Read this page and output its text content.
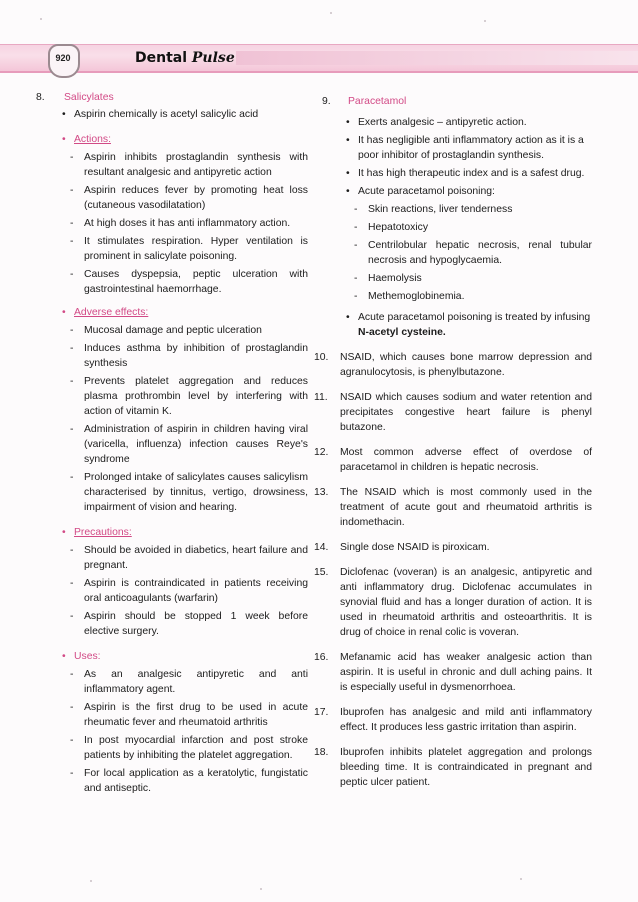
920	Dental Pulse
8.	Salicylates
• Aspirin chemically is acetyl salicylic acid
• Actions:
- Aspirin inhibits prostaglandin synthesis with resultant analgesic and antipyretic action
- Aspirin reduces fever by promoting heat loss (cutaneous vasodilatation)
- At high doses it has anti inflammatory action.
- It stimulates respiration. Hyper ventilation is prominent in salicylate poisoning.
- Causes dyspepsia, peptic ulceration with gastrointestinal haemorrhage.
• Adverse effects:
- Mucosal damage and peptic ulceration
- Induces asthma by inhibition of prostaglandin synthesis
- Prevents platelet aggregation and reduces plasma prothrombin level by interfering with action of vitamin K.
- Administration of aspirin in children having viral (varicella, influenza) infection causes Reye's syndrome
- Prolonged intake of salicylates causes salicylism characterised by tinnitus, vertigo, drowsiness, impairment of vision and hearing.
• Precautions:
- Should be avoided in diabetics, heart failure and pregnant.
- Aspirin is contraindicated in patients receiving oral anticoagulants (warfarin)
- Aspirin should be stopped 1 week before elective surgery.
• Uses:
- As an analgesic antipyretic and anti inflammatory agent.
- Aspirin is the first drug to be used in acute rheumatic fever and rheumatoid arthritis
- In post myocardial infarction and post stroke patients by inhibiting the platelet aggregation.
- For local application as a keratolytic, fungistatic and antiseptic.
9.	Paracetamol
• Exerts analgesic – antipyretic action.
• It has negligible anti inflammatory action as it is a poor inhibitor of prostaglandin synthesis.
• It has high therapeutic index and is a safest drug.
• Acute paracetamol poisoning:
- Skin reactions, liver tenderness
- Hepatotoxicy
- Centrilobular hepatic necrosis, renal tubular necrosis and hypoglycaemia.
- Haemolysis
- Methemoglobinemia.
• Acute paracetamol poisoning is treated by infusing
N-acetyl cysteine.
10. NSAID, which causes bone marrow depression and agranulocytosis, is phenylbutazone.
11. NSAID which causes sodium and water retention and precipitates congestive heart failure is phenyl butazone.
12. Most common adverse effect of overdose of paracetamol in children is hepatic necrosis.
13. The NSAID which is most commonly used in the treatment of acute gout and rheumatoid arthritis is indomethacin.
14. Single dose NSAID is piroxicam.
15. Diclofenac (voveran) is an analgesic, antipyretic and anti inflammatory drug. Diclofenac accumulates in synovial fluid and has a longer duration of action. It is used in rheumatoid arthritis and osteoarthritis. It is drug of choice in renal colic is voveran.
16. Mefanamic acid has weaker analgesic action than aspirin. It is useful in chronic and dull aching pains. It is especially useful in dysmenorrhoea.
17. Ibuprofen has analgesic and mild anti inflammatory effect. It produces less gastric irritation than aspirin.
18. Ibuprofen inhibits platelet aggregation and prolongs bleeding time. It is contraindicated in pregnant and peptic ulcer patient.
